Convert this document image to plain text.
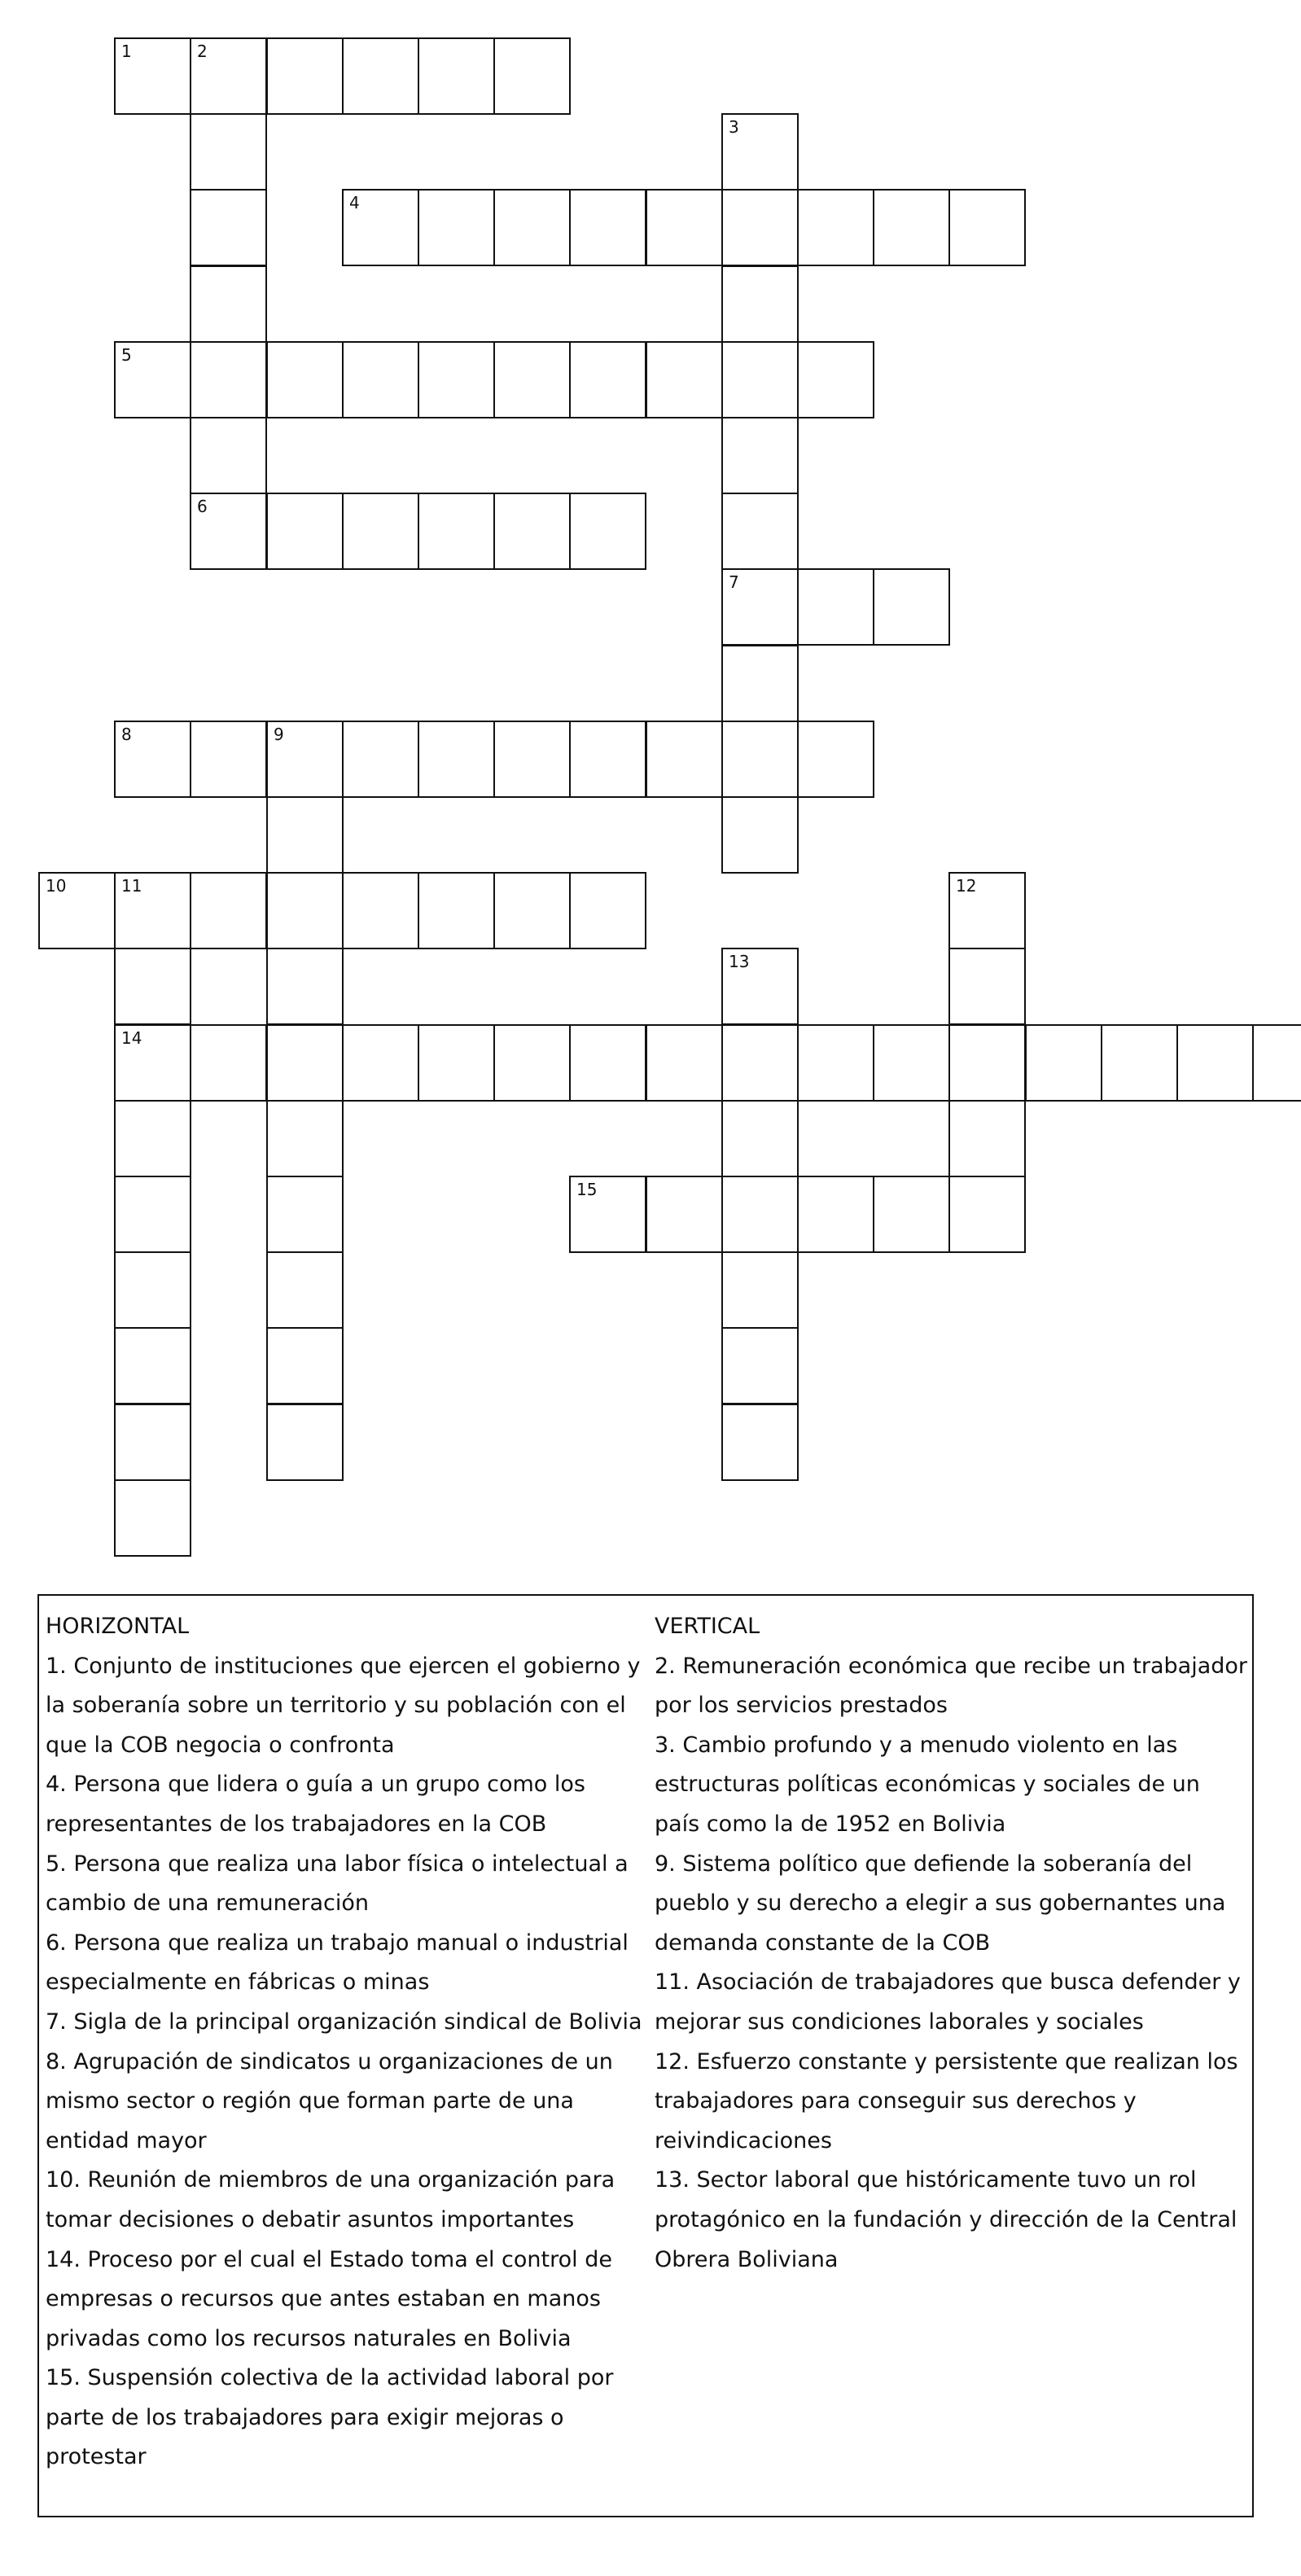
1	2
3
7
4
5
6
8	9
10	11
14
12
13
15
HORIZONTAL
1. Conjunto de instituciones que ejercen el gobierno y la soberanía sobre un territorio y su población con el que la COB negocia o confronta
4. Persona que lidera o guía a un grupo como los representantes de los trabajadores en la COB
5. Persona que realiza una labor física o intelectual a cambio de una remuneración
6. Persona que realiza un trabajo manual o industrial especialmente en fábricas o minas
7. Sigla de la principal organización sindical de Bolivia
8. Agrupación de sindicatos u organizaciones de un mismo sector o región que forman parte de una entidad mayor
10. Reunión de miembros de una organización para tomar decisiones o debatir asuntos importantes
14. Proceso por el cual el Estado toma el control de empresas o recursos que antes estaban en manos privadas como los recursos naturales en Bolivia
15. Suspensión colectiva de la actividad laboral por parte de los trabajadores para exigir mejoras o protestar
VERTICAL
2. Remuneración económica que recibe un trabajador por los servicios prestados
3. Cambio profundo y a menudo violento en las estructuras políticas económicas y sociales de un país como la de 1952 en Bolivia
9. Sistema político que defiende la soberanía del pueblo y su derecho a elegir a sus gobernantes una demanda constante de la COB
11. Asociación de trabajadores que busca defender y mejorar sus condiciones laborales y sociales
12. Esfuerzo constante y persistente que realizan los trabajadores para conseguir sus derechos y reivindicaciones
13. Sector laboral que históricamente tuvo un rol protagónico en la fundación y dirección de la Central Obrera Boliviana
